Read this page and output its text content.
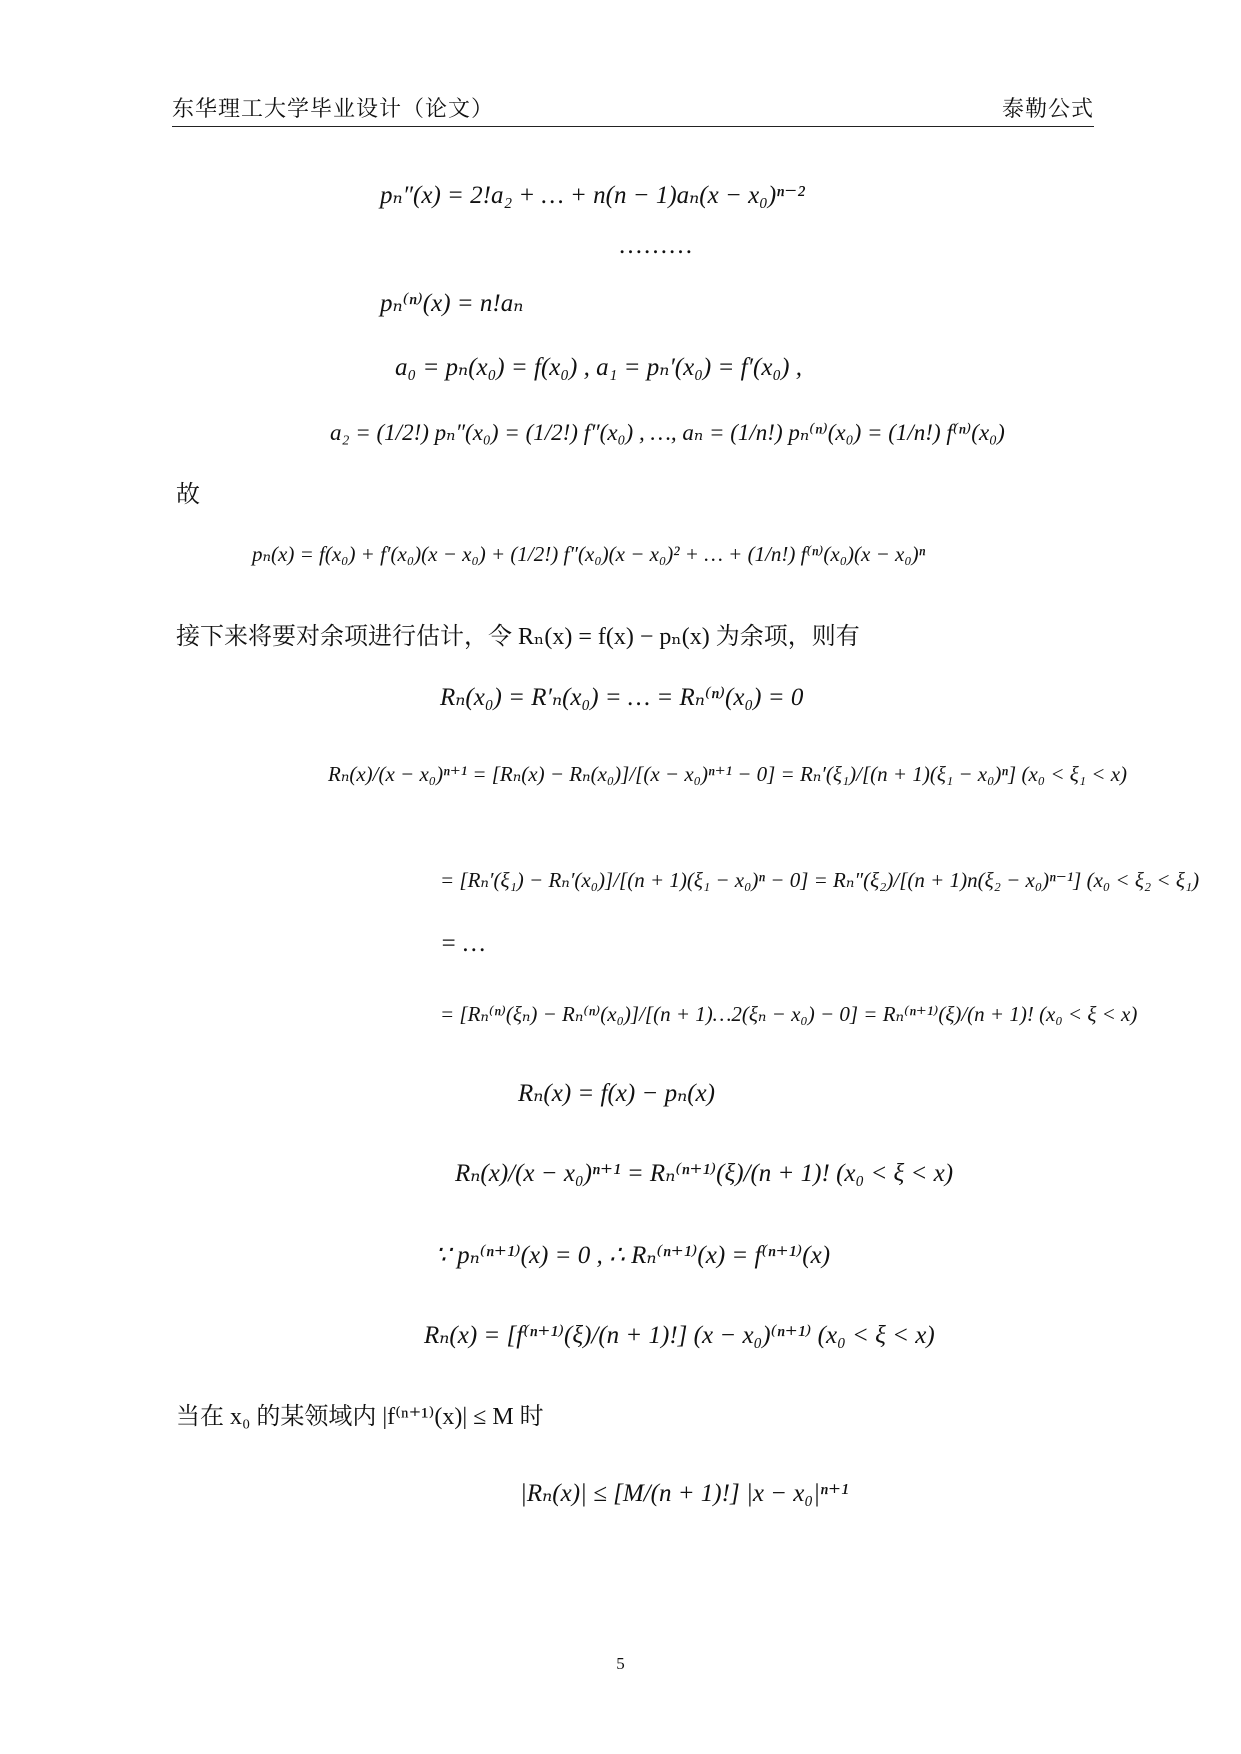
东华理工大学毕业设计（论文）	泰勒公式
pₙ″(x) = 2!a₂ + … + n(n − 1)aₙ(x − x₀)ⁿ⁻²
………
pₙ⁽ⁿ⁾(x) = n!aₙ
a₀ = pₙ(x₀) = f(x₀) , a₁ = pₙ′(x₀) = f′(x₀) ,
a₂ = (1/2!) pₙ″(x₀) = (1/2!) f″(x₀) , …, aₙ = (1/n!) pₙ⁽ⁿ⁾(x₀) = (1/n!) f⁽ⁿ⁾(x₀)
故
pₙ(x) = f(x₀) + f′(x₀)(x − x₀) + (1/2!) f″(x₀)(x − x₀)² + … + (1/n!) f⁽ⁿ⁾(x₀)(x − x₀)ⁿ
接下来将要对余项进行估计，令 Rₙ(x) = f(x) − pₙ(x) 为余项，则有
Rₙ(x₀) = R′ₙ(x₀) = … = Rₙ⁽ⁿ⁾(x₀) = 0
Rₙ(x)/(x − x₀)ⁿ⁺¹ = [Rₙ(x) − Rₙ(x₀)]/[(x − x₀)ⁿ⁺¹ − 0] = Rₙ′(ξ₁)/[(n + 1)(ξ₁ − x₀)ⁿ] (x₀ < ξ₁ < x)
= [Rₙ′(ξ₁) − Rₙ′(x₀)]/[(n + 1)(ξ₁ − x₀)ⁿ − 0] = Rₙ″(ξ₂)/[(n + 1)n(ξ₂ − x₀)ⁿ⁻¹] (x₀ < ξ₂ < ξ₁)
= …
= [Rₙ⁽ⁿ⁾(ξₙ) − Rₙ⁽ⁿ⁾(x₀)]/[(n + 1)…2(ξₙ − x₀) − 0] = Rₙ⁽ⁿ⁺¹⁾(ξ)/(n + 1)! (x₀ < ξ < x)
Rₙ(x) = f(x) − pₙ(x)
Rₙ(x)/(x − x₀)ⁿ⁺¹ = Rₙ⁽ⁿ⁺¹⁾(ξ)/(n + 1)! (x₀ < ξ < x)
∵ pₙ⁽ⁿ⁺¹⁾(x) = 0 , ∴ Rₙ⁽ⁿ⁺¹⁾(x) = f⁽ⁿ⁺¹⁾(x)
Rₙ(x) = [f⁽ⁿ⁺¹⁾(ξ)/(n + 1)!] (x − x₀)⁽ⁿ⁺¹⁾ (x₀ < ξ < x)
当在 x₀ 的某领域内 |f⁽ⁿ⁺¹⁾(x)| ≤ M 时
|Rₙ(x)| ≤ [M/(n + 1)!] |x − x₀|ⁿ⁺¹
5
